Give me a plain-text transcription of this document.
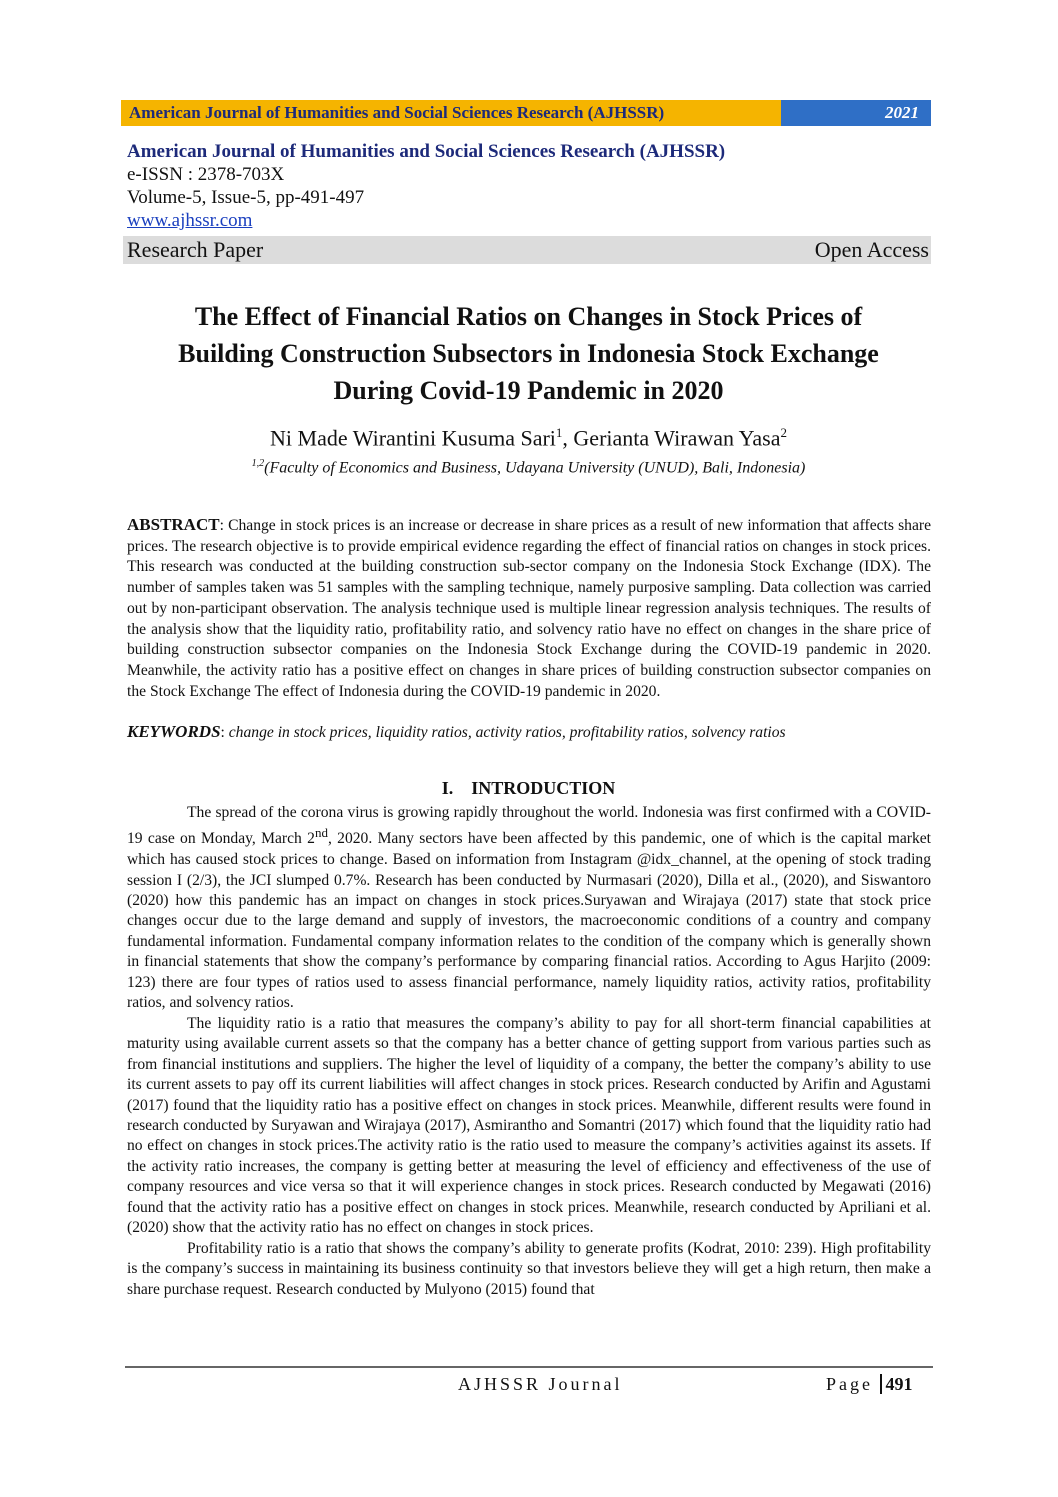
American Journal of Humanities and Social Sciences Research (AJHSSR)	2021
American Journal of Humanities and Social Sciences Research (AJHSSR)
e-ISSN : 2378-703X
Volume-5, Issue-5, pp-491-497
www.ajhssr.com
Research Paper	Open Access
The Effect of Financial Ratios on Changes in Stock Prices of
Building Construction Subsectors in Indonesia Stock Exchange
During Covid-19 Pandemic in 2020
Ni Made Wirantini Kusuma Sari$^1$, Gerianta Wirawan Yasa$^2$
$^{1,2}$(Faculty of Economics and Business, Udayana University (UNUD), Bali, Indonesia)

ABSTRACT: Change in stock prices is an increase or decrease in share prices as a result of new information that affects share prices. The research objective is to provide empirical evidence regarding the effect of financial ratios on changes in stock prices. This research was conducted at the building construction sub-sector company on the Indonesia Stock Exchange (IDX). The number of samples taken was 51 samples with the sampling technique, namely purposive sampling. Data collection was carried out by non-participant observation. The analysis technique used is multiple linear regression analysis techniques. The results of the analysis show that the liquidity ratio, profitability ratio, and solvency ratio have no effect on changes in the share price of building construction subsector companies on the Indonesia Stock Exchange during the COVID-19 pandemic in 2020. Meanwhile, the activity ratio has a positive effect on changes in share prices of building construction subsector companies on the Stock Exchange The effect of Indonesia during the COVID-19 pandemic in 2020.

KEYWORDS: change in stock prices, liquidity ratios, activity ratios, profitability ratios, solvency ratios
I. INTRODUCTION

The spread of the corona virus is growing rapidly throughout the world. Indonesia was first confirmed with a COVID-19 case on Monday, March 2nd, 2020. Many sectors have been affected by this pandemic, one of which is the capital market which has caused stock prices to change. Based on information from Instagram @idx_channel, at the opening of stock trading session I (2/3), the JCI slumped 0.7%. Research has been conducted by Nurmasari (2020), Dilla et al., (2020), and Siswantoro (2020) how this pandemic has an impact on changes in stock prices.Suryawan and Wirajaya (2017) state that stock price changes occur due to the large demand and supply of investors, the macroeconomic conditions of a country and company fundamental information. Fundamental company information relates to the condition of the company which is generally shown in financial statements that show the company’s performance by comparing financial ratios. According to Agus Harjito (2009: 123) there are four types of ratios used to assess financial performance, namely liquidity ratios, activity ratios, profitability ratios, and solvency ratios.

The liquidity ratio is a ratio that measures the company’s ability to pay for all short-term financial capabilities at maturity using available current assets so that the company has a better chance of getting support from various parties such as from financial institutions and suppliers. The higher the level of liquidity of a company, the better the company’s ability to use its current assets to pay off its current liabilities will affect changes in stock prices. Research conducted by Arifin and Agustami (2017) found that the liquidity ratio has a positive effect on changes in stock prices. Meanwhile, different results were found in research conducted by Suryawan and Wirajaya (2017), Asmirantho and Somantri (2017) which found that the liquidity ratio had no effect on changes in stock prices.The activity ratio is the ratio used to measure the company’s activities against its assets. If the activity ratio increases, the company is getting better at measuring the level of efficiency and effectiveness of the use of company resources and vice versa so that it will experience changes in stock prices. Research conducted by Megawati (2016) found that the activity ratio has a positive effect on changes in stock prices. Meanwhile, research conducted by Apriliani et al. (2020) show that the activity ratio has no effect on changes in stock prices.

Profitability ratio is a ratio that shows the company’s ability to generate profits (Kodrat, 2010: 239). High profitability is the company’s success in maintaining its business continuity so that investors believe they will get a high return, then make a share purchase request. Research conducted by Mulyono (2015) found that

AJHSSR Journal	Page 491
